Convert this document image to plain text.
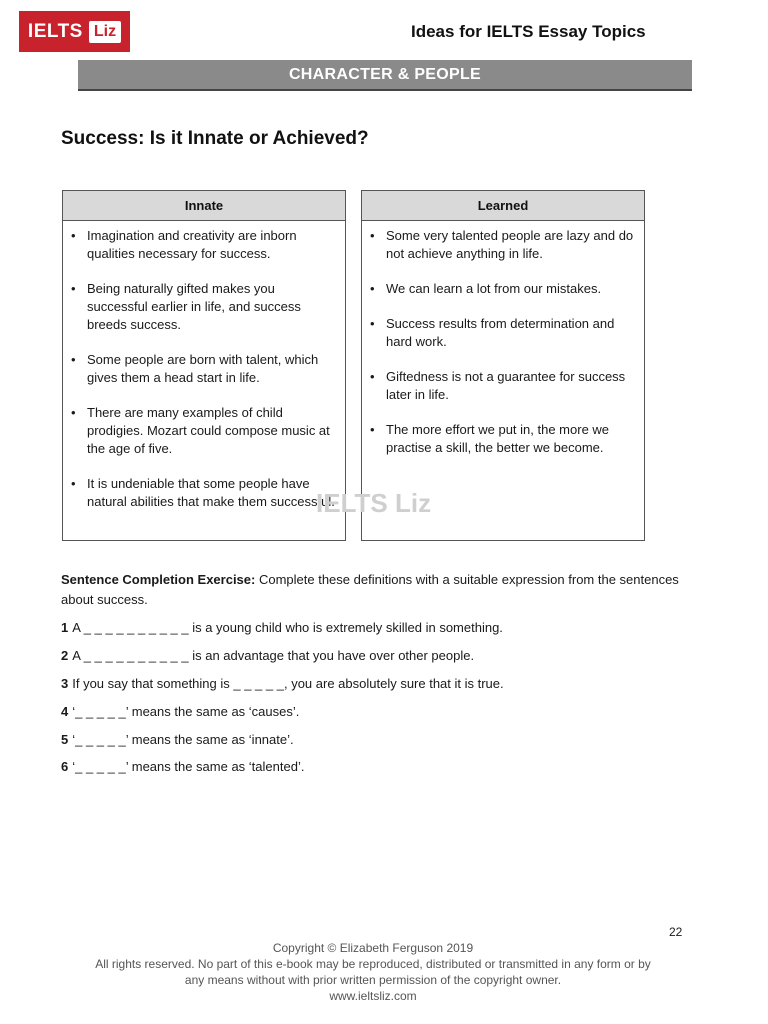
IELTS Liz	Ideas for IELTS Essay Topics
CHARACTER & PEOPLE
Success: Is it Innate or Achieved?
Innate
• Imagination and creativity are inborn qualities necessary for success.
• Being naturally gifted makes you successful earlier in life, and success breeds success.
• Some people are born with talent, which gives them a head start in life.
• There are many examples of child prodigies. Mozart could compose music at the age of five.
• It is undeniable that some people have natural abilities that make them successful.
Learned
• Some very talented people are lazy and do not achieve anything in life.
• We can learn a lot from our mistakes.
• Success results from determination and hard work.
• Giftedness is not a guarantee for success later in life.
• The more effort we put in, the more we practise a skill, the better we become.
IELTS Liz
Sentence Completion Exercise: Complete these definitions with a suitable expression from the sentences about success.
1 A _ _ _ _ _ _ _ _ _ _ is a young child who is extremely skilled in something.
2 A _ _ _ _ _ _ _ _ _ _ is an advantage that you have over other people.
3 If you say that something is _ _ _ _ _, you are absolutely sure that it is true.
4 ‘_ _ _ _ _’ means the same as ‘causes’.
5 ‘_ _ _ _ _’ means the same as ‘innate’.
6 ‘_ _ _ _ _’ means the same as ‘talented’.
22
Copyright © Elizabeth Ferguson 2019
All rights reserved. No part of this e-book may be reproduced, distributed or transmitted in any form or by
any means without with prior written permission of the copyright owner.
www.ieltsliz.com
